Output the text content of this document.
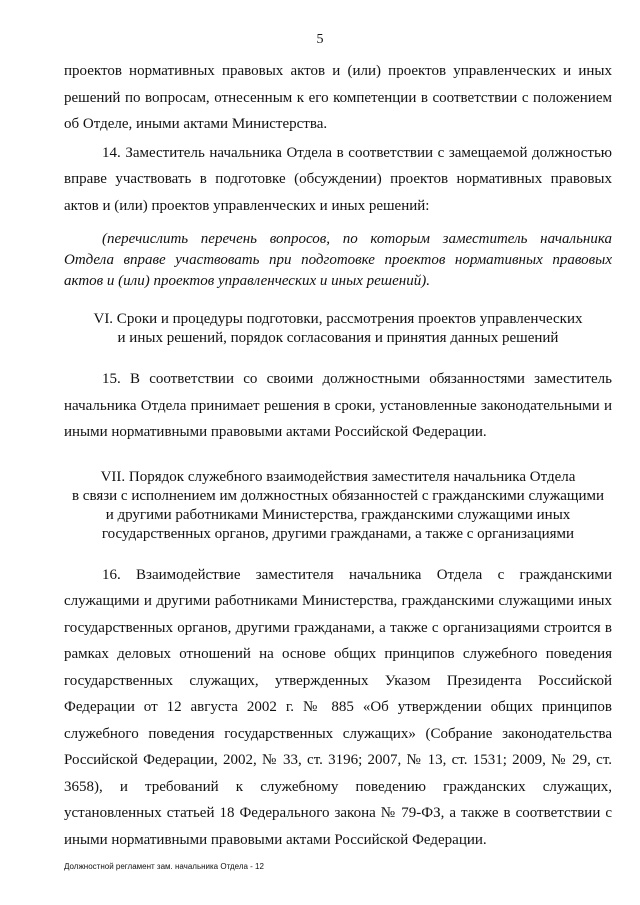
5

проектов нормативных правовых актов и (или) проектов управленческих и иных решений по вопросам, отнесенным к его компетенции в соответствии с положением об Отделе, иными актами Министерства.

14. Заместитель начальника Отдела в соответствии с замещаемой должностью вправе участвовать в подготовке (обсуждении) проектов нормативных правовых актов и (или) проектов управленческих и иных решений:

(перечислить перечень вопросов, по которым заместитель начальника Отдела вправе участвовать при подготовке проектов нормативных правовых актов и (или) проектов управленческих и иных решений).

VI. Сроки и процедуры подготовки, рассмотрения проектов управленческих
и иных решений, порядок согласования и принятия данных решений

15. В соответствии со своими должностными обязанностями заместитель начальника Отдела принимает решения в сроки, установленные законодательными и иными нормативными правовыми актами Российской Федерации.

VII. Порядок служебного взаимодействия заместителя начальника Отдела
в связи с исполнением им должностных обязанностей с гражданскими служащими
и другими работниками Министерства, гражданскими служащими иных
государственных органов, другими гражданами, а также с организациями

16. Взаимодействие заместителя начальника Отдела с гражданскими служащими и другими работниками Министерства, гражданскими служащими иных государственных органов, другими гражданами, а также с организациями строится в рамках деловых отношений на основе общих принципов служебного поведения государственных служащих, утвержденных Указом Президента Российской Федерации от 12 августа 2002 г. № 885 «Об утверждении общих принципов служебного поведения государственных служащих» (Собрание законодательства Российской Федерации, 2002, № 33, ст. 3196; 2007, № 13, ст. 1531; 2009, № 29, ст. 3658), и требований к служебному поведению гражданских служащих, установленных статьей 18 Федерального закона № 79-ФЗ, а также в соответствии с иными нормативными правовыми актами Российской Федерации.

Должностной регламент зам. начальника Отдела - 12
